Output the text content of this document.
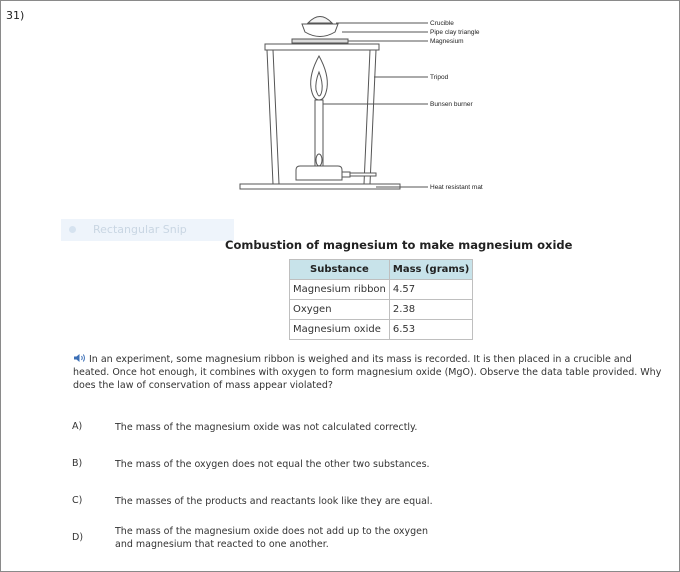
31)
Crucible
Pipe clay triangle
Magnesium
Tripod
Bunsen burner
Heat resistant mat
Rectangular Snip
Combustion of magnesium to make magnesium oxide
Substance	Mass (grams)
Magnesium ribbon	4.57
Oxygen	2.38
Magnesium oxide	6.53
In an experiment, some magnesium ribbon is weighed and its mass is recorded. It is then placed in a crucible and heated. Once hot enough, it combines with oxygen to form magnesium oxide (MgO). Observe the data table provided. Why does the law of conservation of mass appear violated?
A)	The mass of the magnesium oxide was not calculated correctly.
B)	The mass of the oxygen does not equal the other two substances.
C)	The masses of the products and reactants look like they are equal.
D)
The mass of the magnesium oxide does not add up to the oxygen and magnesium that reacted to one another.
